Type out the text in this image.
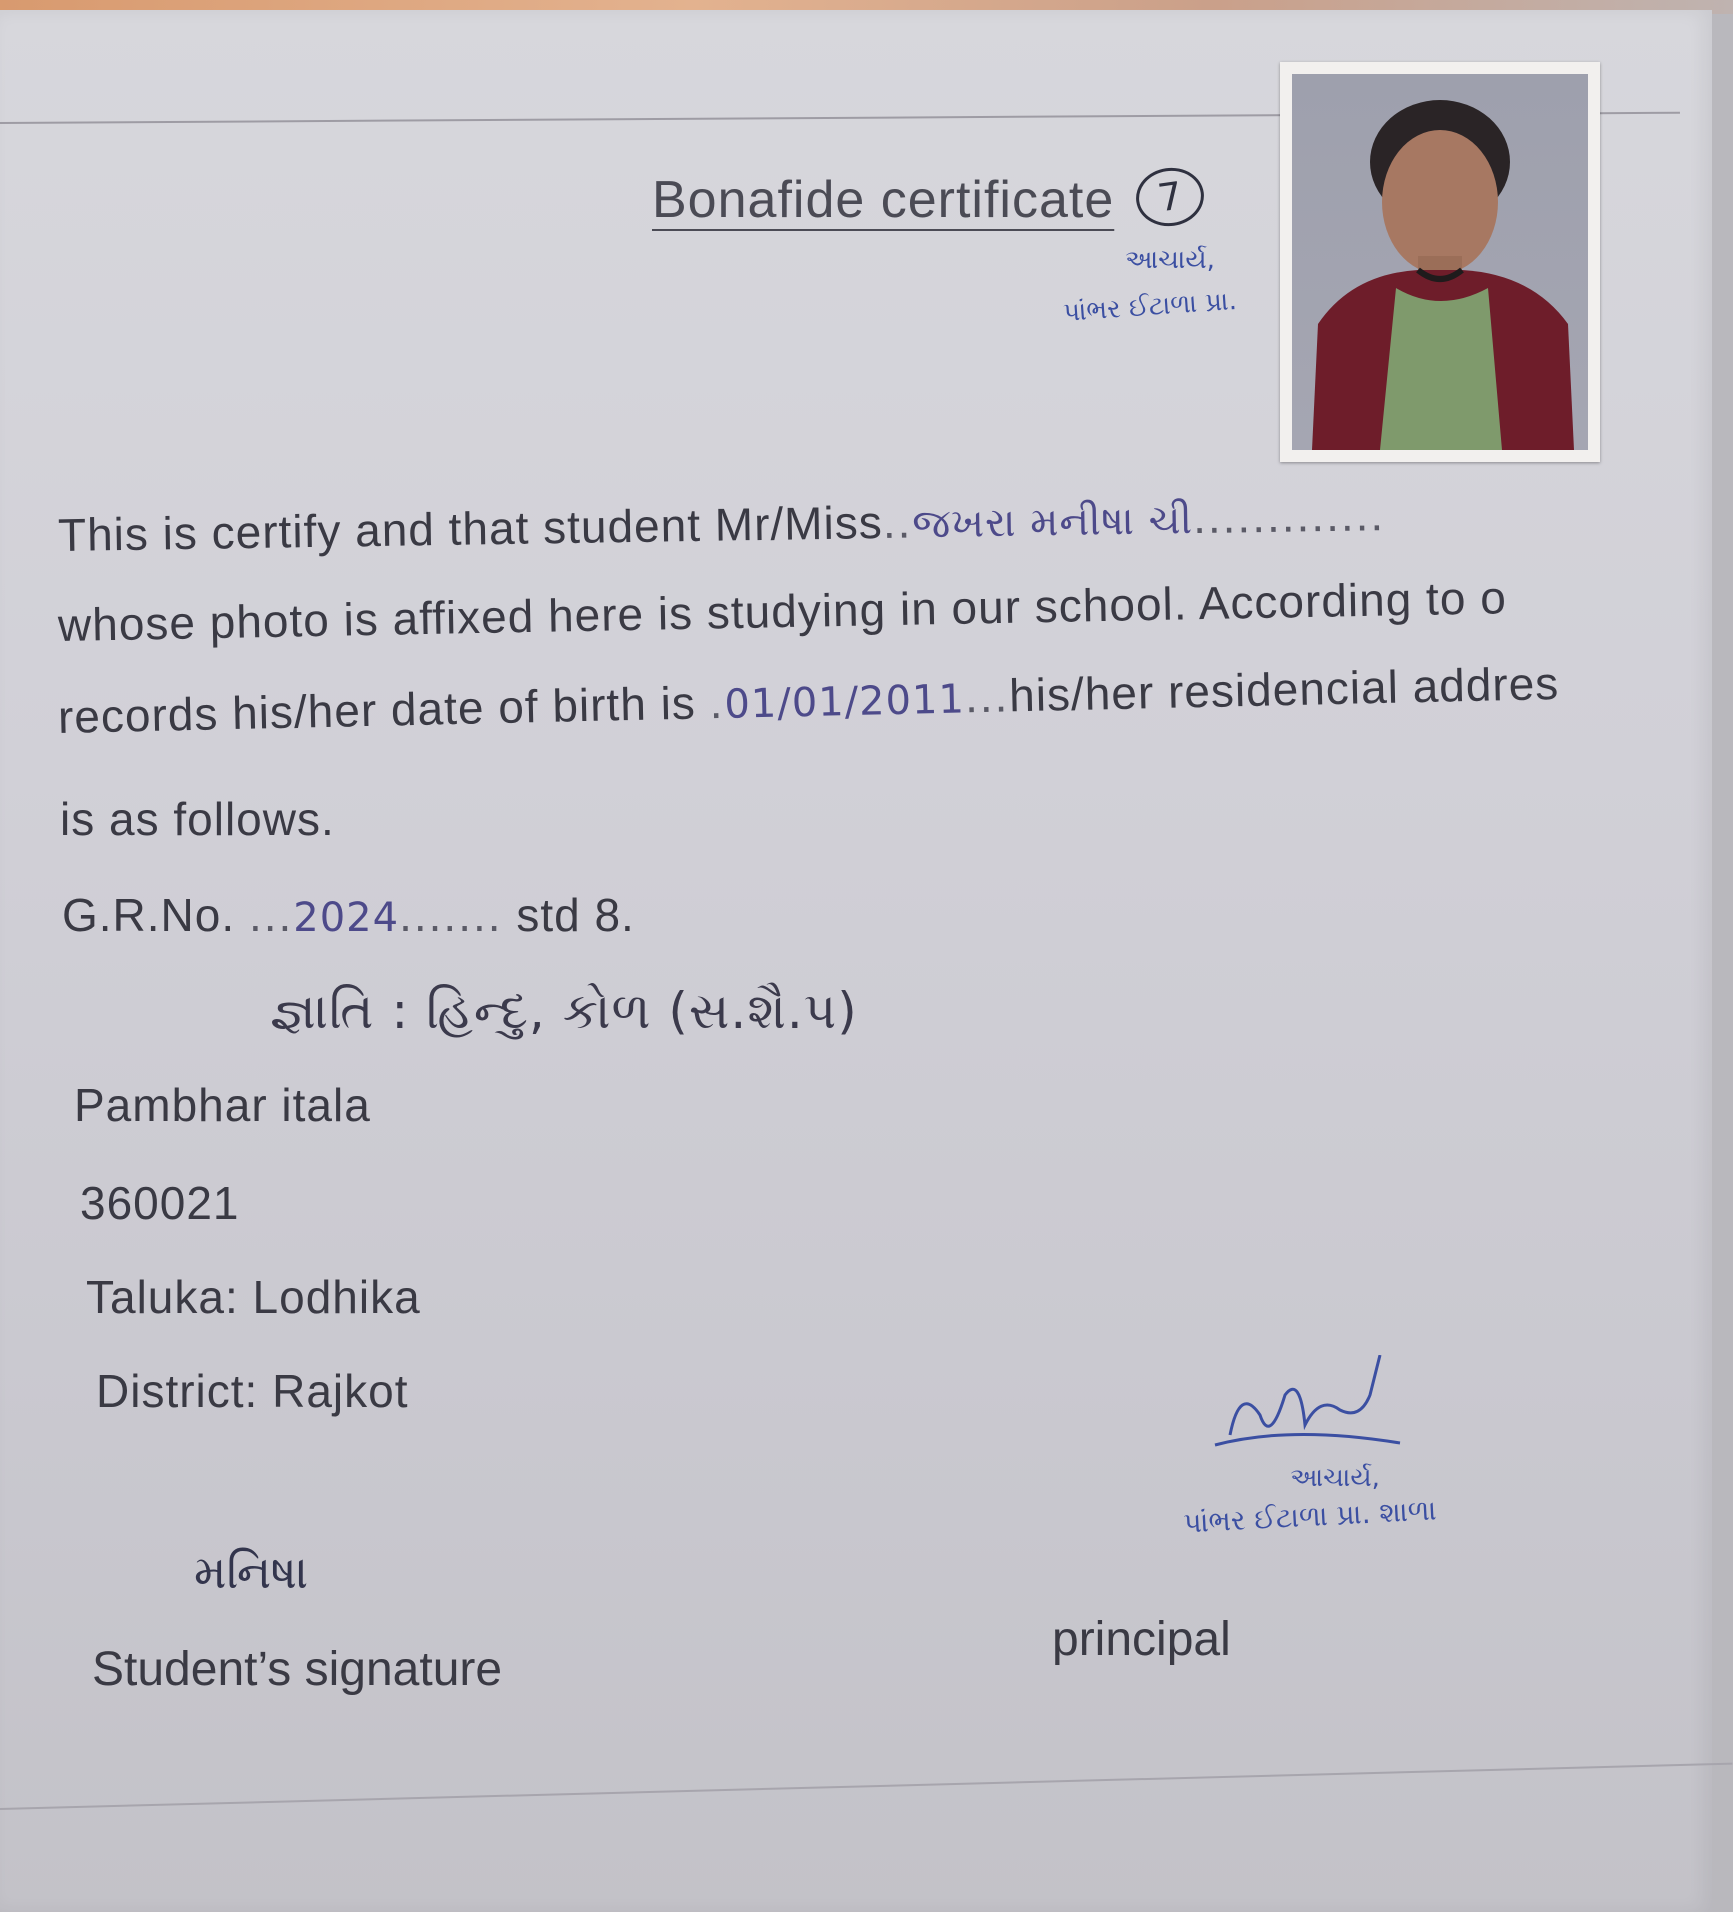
Bonafide certificate	7
આચાર્ય,
પાંભર ઈટાળા પ્રા.
This is certify and that student Mr/Miss..જખરા મનીષા ચી.............
whose photo is affixed here is studying in our school. According to o
records his/her date of birth is .01/01/2011...his/her residencial addres
is as follows.
G.R.No. ...2024....... std 8.
જ્ઞાતિ : હિન્દુ, કોળ (સ.શૈ.પ)
Pambhar itala
360021
Taluka: Lodhika
District: Rajkot
આચાર્ય,
પાંભર ઈટાળા પ્રા. શાળા
મનિષા
Student’s signature
principal
